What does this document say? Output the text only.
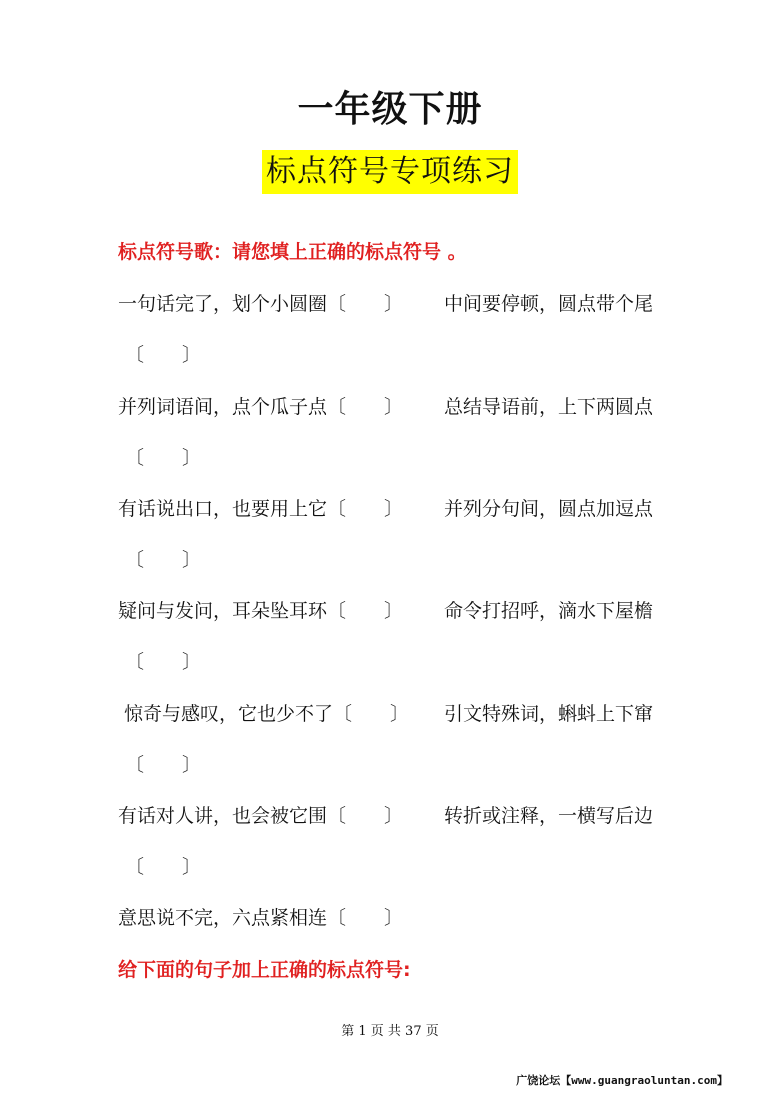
一年级下册
标点符号专项练习
标点符号歌：请您填上正确的标点符号 。
一句话完了，划个小圆圈〔　　〕 中间要停顿，圆点带个尾
〔　　〕
并列词语间，点个瓜子点〔　　〕 总结导语前，上下两圆点
〔　　〕
有话说出口，也要用上它〔　　〕 并列分句间，圆点加逗点
〔　　〕
疑问与发问，耳朵坠耳环〔　　〕 命令打招呼，滴水下屋檐
〔　　〕
惊奇与感叹，它也少不了〔　　〕 引文特殊词，蝌蚪上下窜
〔　　〕
有话对人讲，也会被它围〔　　〕 转折或注释，一横写后边
〔　　〕
意思说不完，六点紧相连〔　　〕
给下面的句子加上正确的标点符号:
第 1 页 共 37 页
广饶论坛【www.guangraoluntan.com】
